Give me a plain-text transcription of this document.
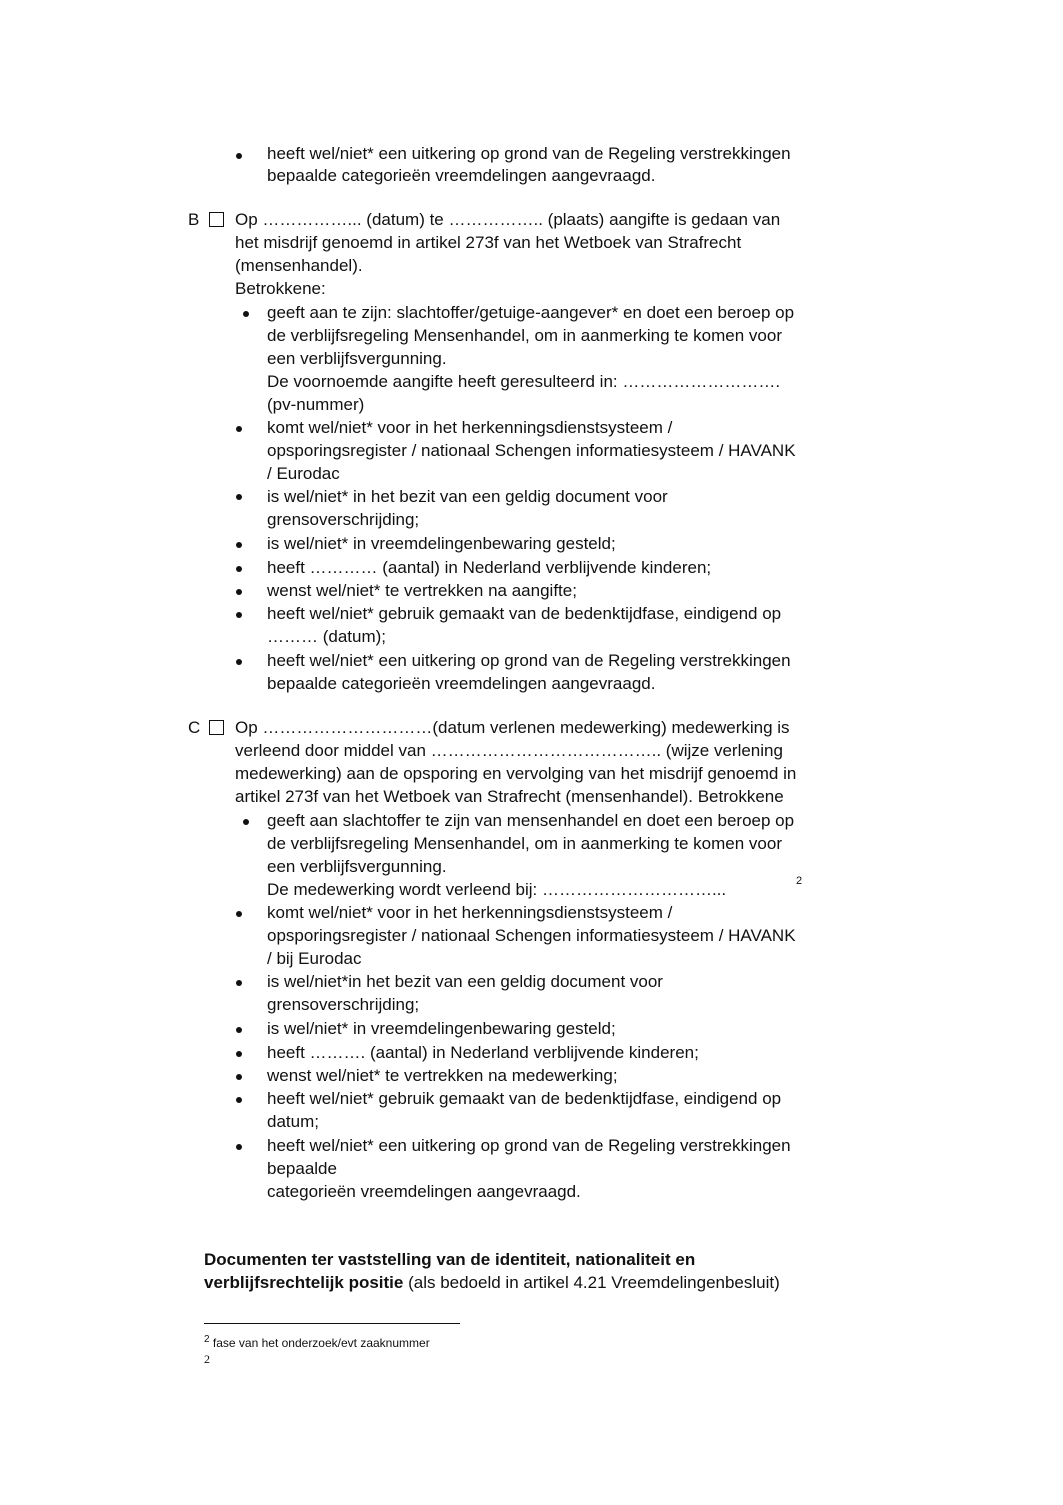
heeft wel/niet* een uitkering op grond van de Regeling verstrekkingen
bepaalde categorieën vreemdelingen aangevraagd.
B Op ……………... (datum) te …………….. (plaats) aangifte is gedaan van
het misdrijf genoemd in artikel 273f van het Wetboek van Strafrecht
(mensenhandel).
Betrokkene:
geeft aan te zijn: slachtoffer/getuige-aangever* en doet een beroep op
de verblijfsregeling Mensenhandel, om in aanmerking te komen voor
een verblijfsvergunning.
De voornoemde aangifte heeft geresulteerd in: ……………………….
(pv-nummer)
komt wel/niet* voor in het herkenningsdienstsysteem /
opsporingsregister / nationaal Schengen informatiesysteem / HAVANK
/ Eurodac
is wel/niet* in het bezit van een geldig document voor
grensoverschrijding;
is wel/niet* in vreemdelingenbewaring gesteld;
heeft ………… (aantal) in Nederland verblijvende kinderen;
wenst wel/niet* te vertrekken na aangifte;
heeft wel/niet* gebruik gemaakt van de bedenktijdfase, eindigend op
……… (datum);
heeft wel/niet* een uitkering op grond van de Regeling verstrekkingen
bepaalde categorieën vreemdelingen aangevraagd.
C Op …………………………(datum verlenen medewerking) medewerking is
verleend door middel van ………………………………….. (wijze verlening
medewerking) aan de opsporing en vervolging van het misdrijf genoemd in
artikel 273f van het Wetboek van Strafrecht (mensenhandel). Betrokkene
geeft aan slachtoffer te zijn van mensenhandel en doet een beroep op
de verblijfsregeling Mensenhandel, om in aanmerking te komen voor
een verblijfsvergunning.
De medewerking wordt verleend bij: …………………………...	2
komt wel/niet* voor in het herkenningsdienstsysteem /
opsporingsregister / nationaal Schengen informatiesysteem / HAVANK
/ bij Eurodac
is wel/niet*in het bezit van een geldig document voor
grensoverschrijding;
is wel/niet* in vreemdelingenbewaring gesteld;
heeft ………. (aantal) in Nederland verblijvende kinderen;
wenst wel/niet* te vertrekken na medewerking;
heeft wel/niet* gebruik gemaakt van de bedenktijdfase, eindigend op
datum;
heeft wel/niet* een uitkering op grond van de Regeling verstrekkingen
bepaalde
categorieën vreemdelingen aangevraagd.
Documenten ter vaststelling van de identiteit, nationaliteit en
verblijfsrechtelijk positie (als bedoeld in artikel 4.21 Vreemdelingenbesluit)
$^2$ fase van het onderzoek/evt zaaknummer
2
